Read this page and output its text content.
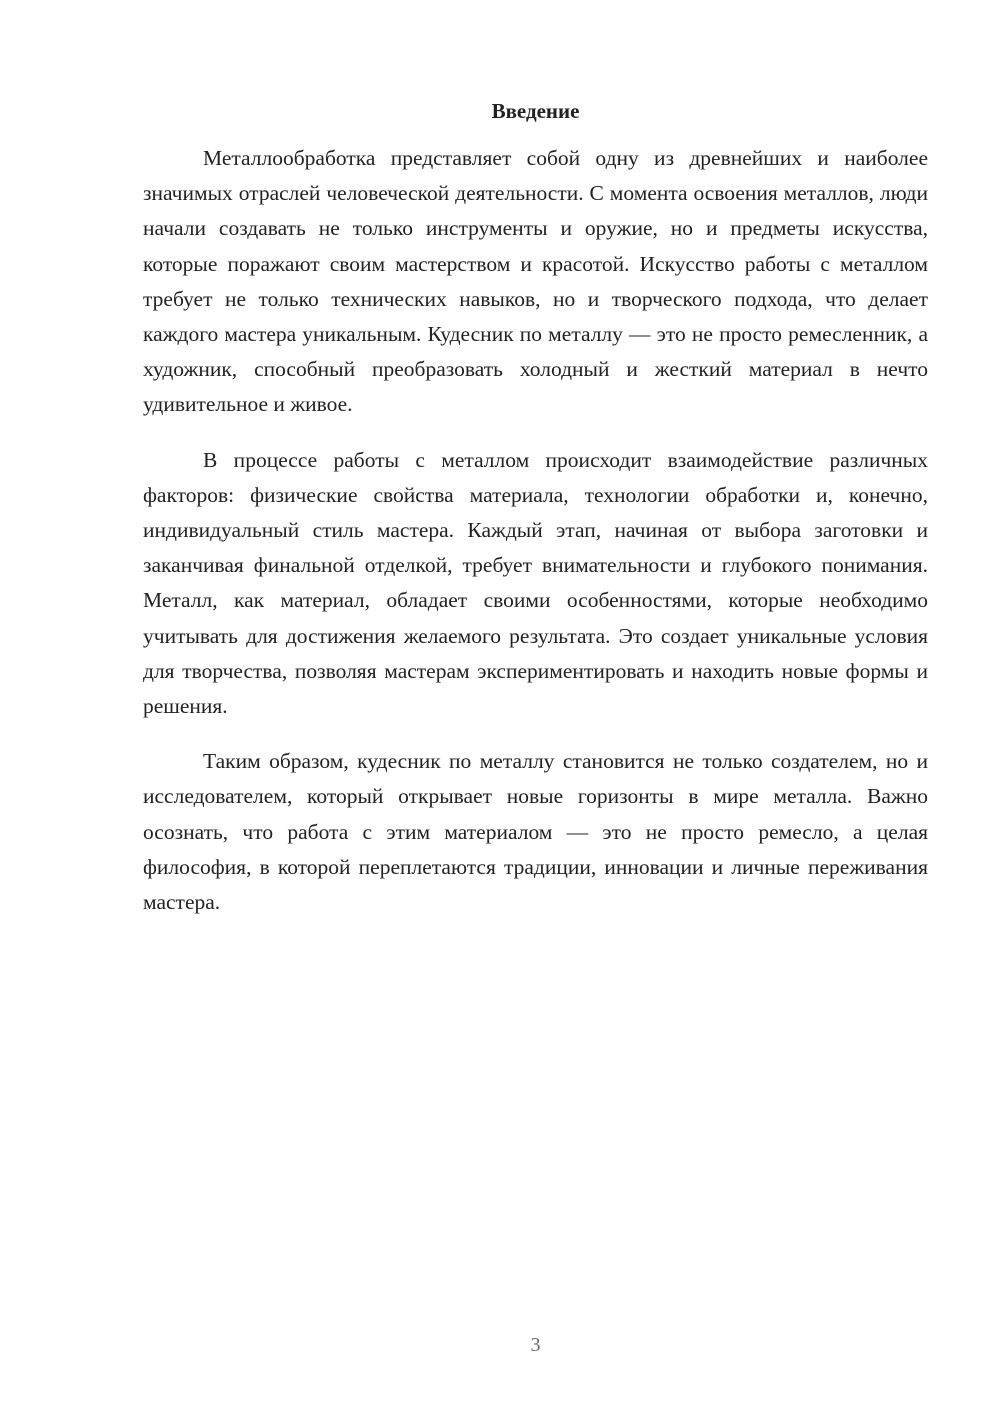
Введение

Металлообработка представляет собой одну из древнейших и наиболее значимых отраслей человеческой деятельности. С момента освоения металлов, люди начали создавать не только инструменты и оружие, но и предметы искусства, которые поражают своим мастерством и красотой. Искусство работы с металлом требует не только технических навыков, но и творческого подхода, что делает каждого мастера уникальным. Кудесник по металлу — это не просто ремесленник, а художник, способный преобразовать холодный и жесткий материал в нечто удивительное и живое.

В процессе работы с металлом происходит взаимодействие различных факторов: физические свойства материала, технологии обработки и, конечно, индивидуальный стиль мастера. Каждый этап, начиная от выбора заготовки и заканчивая финальной отделкой, требует внимательности и глубокого понимания. Металл, как материал, обладает своими особенностями, которые необходимо учитывать для достижения желаемого результата. Это создает уникальные условия для творчества, позволяя мастерам экспериментировать и находить новые формы и решения.

Таким образом, кудесник по металлу становится не только создателем, но и исследователем, который открывает новые горизонты в мире металла. Важно осознать, что работа с этим материалом — это не просто ремесло, а целая философия, в которой переплетаются традиции, инновации и личные переживания мастера.

3
